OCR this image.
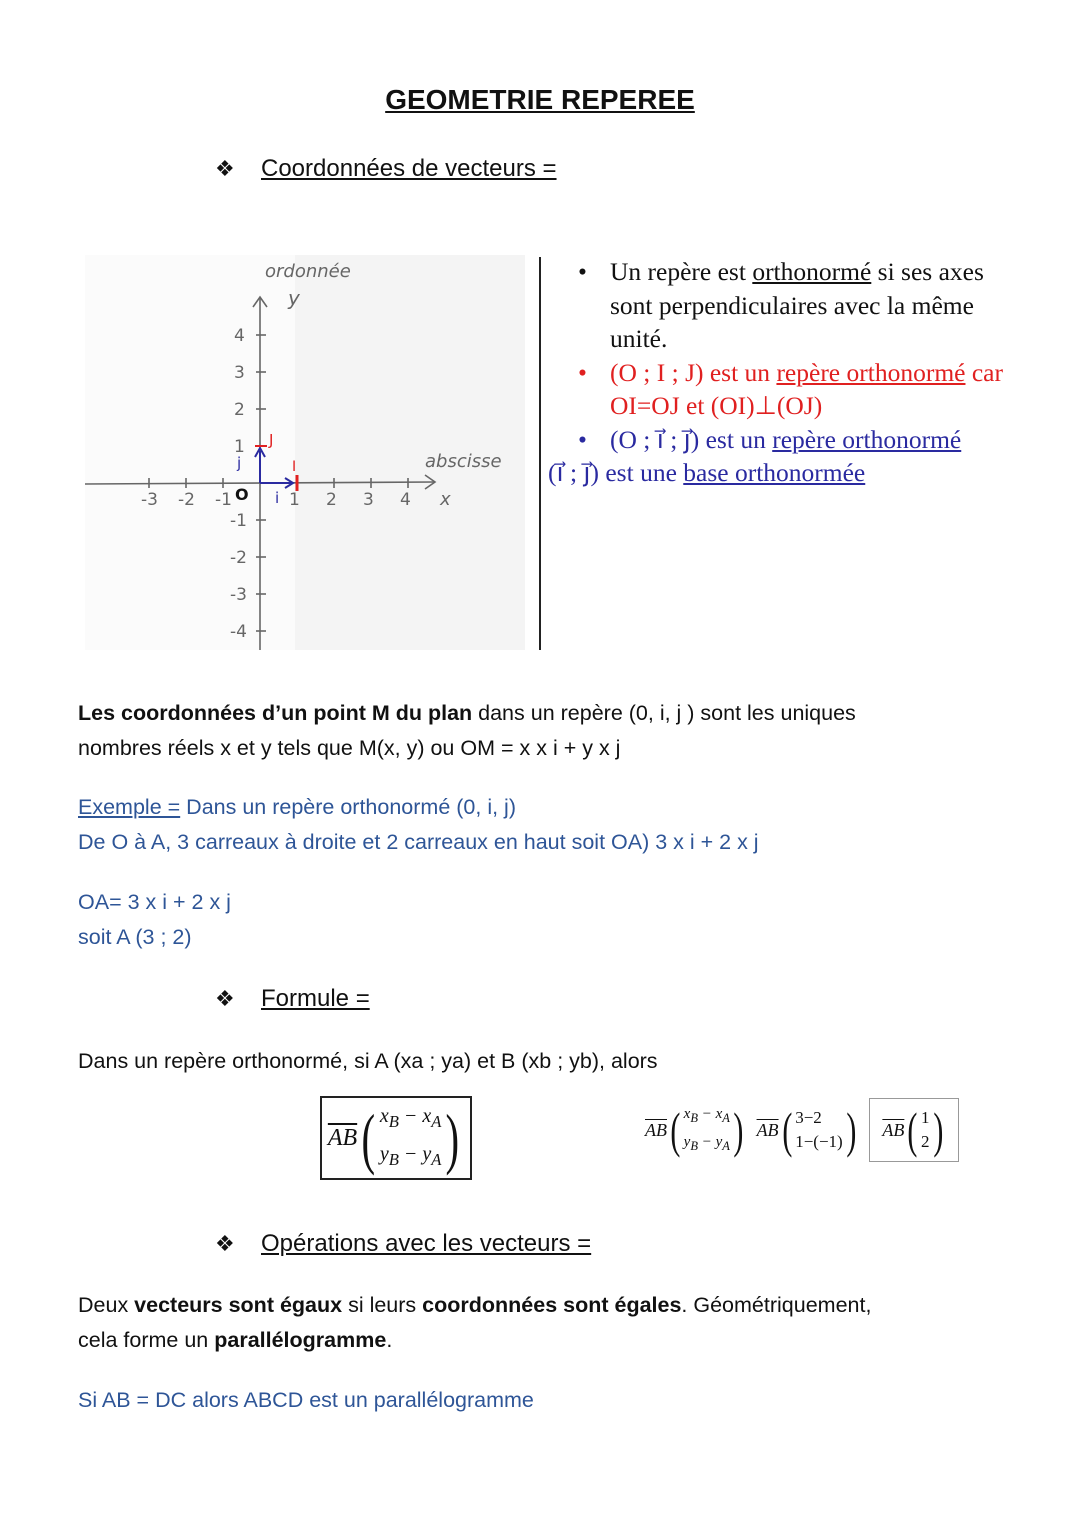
GEOMETRIE REPEREE
❖ Coordonnées de vecteurs =
ordonnée
y
abscisse
x
O
-3 -2 -1	1 2 3 4
4
3
2
1
-1
-2
-3
-4
i
j	I
J
• Un repère est orthonormé si ses axes sont perpendiculaires avec la même unité.
• (O ; I ; J) est un repère orthonormé car OI=OJ et (OI)⊥(OJ)
• (O ; i⃗ ; j⃗) est un repère orthonormé
(i⃗ ; j⃗) est une base orthonormée
Les coordonnées d’un point M du plan dans un repère (0, i, j ) sont les uniques
nombres réels x et y tels que M(x, y) ou OM = x x i + y x j
Exemple = Dans un repère orthonormé (0, i, j)
De O à A, 3 carreaux à droite et 2 carreaux en haut soit OA) 3 x i + 2 x j
OA= 3 x i + 2 x j
soit A (3 ; 2)
❖ Formule =
Dans un repère orthonormé, si A (xa ; ya) et B (xb ; yb), alors
$\overline{AB}$ ( $x_B - x_A$
$y_B - y_A$ )	$\overline{AB}$ ( $x_B - x_A$
$y_B - y_A$ ) $\overline{AB}$ ( 3−2
1−(−1) ) $\overline{AB}$ ( 1
2 )
❖ Opérations avec les vecteurs =
Deux vecteurs sont égaux si leurs coordonnées sont égales. Géométriquement,
cela forme un parallélogramme.
Si AB = DC alors ABCD est un parallélogramme
